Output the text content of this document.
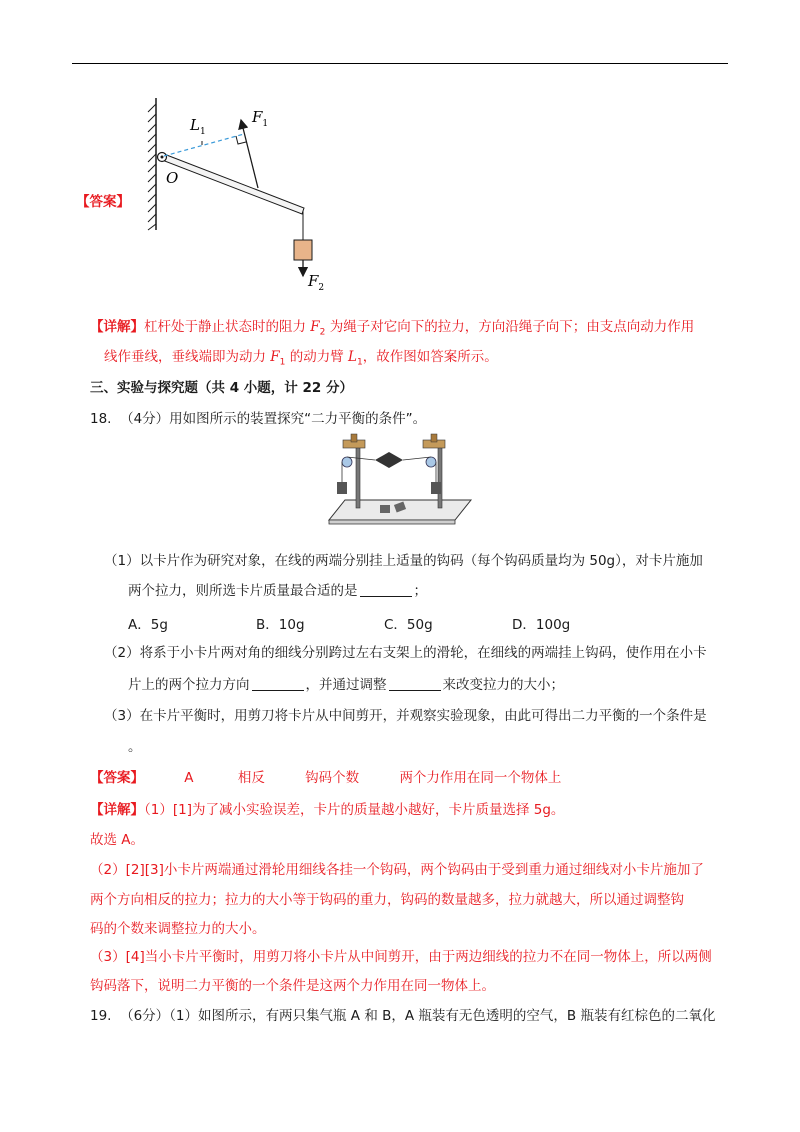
$L_1$
$F_1$
O
$F_2$
【答案】
【详解】杠杆处于静止状态时的阻力 $F_2$ 为绳子对它向下的拉力，方向沿绳子向下；由支点向动力作用
线作垂线，垂线端即为动力 $F_1$ 的动力臂 $L_1$，故作图如答案所示。
三、实验与探究题（共 4 小题，计 22 分）
18. （4分）用如图所示的装置探究“二力平衡的条件”。
（1）以卡片作为研究对象，在线的两端分别挂上适量的钩码（每个钩码质量均为 50g），对卡片施加
两个拉力，则所选卡片质量最合适的是	；
A．5g	B．10g	C．50g	D．100g
（2）将系于小卡片两对角的细线分别跨过左右支架上的滑轮，在细线的两端挂上钩码，使作用在小卡
片上的两个拉力方向	，并通过调整	来改变拉力的大小；
（3）在卡片平衡时，用剪刀将卡片从中间剪开，并观察实验现象，由此可得出二力平衡的一个条件是
。
【答案】	A	相反	钩码个数	两个力作用在同一个物体上
【详解】（1）[1]为了减小实验误差，卡片的质量越小越好，卡片质量选择 5g。
故选 A。
（2）[2][3]小卡片两端通过滑轮用细线各挂一个钩码，两个钩码由于受到重力通过细线对小卡片施加了
两个方向相反的拉力；拉力的大小等于钩码的重力，钩码的数量越多，拉力就越大，所以通过调整钩
码的个数来调整拉力的大小。
（3）[4]当小卡片平衡时，用剪刀将小卡片从中间剪开，由于两边细线的拉力不在同一物体上，所以两侧
钩码落下，说明二力平衡的一个条件是这两个力作用在同一物体上。
19. （6分）（1）如图所示，有两只集气瓶 A 和 B，A 瓶装有无色透明的空气，B 瓶装有红棕色的二氧化
